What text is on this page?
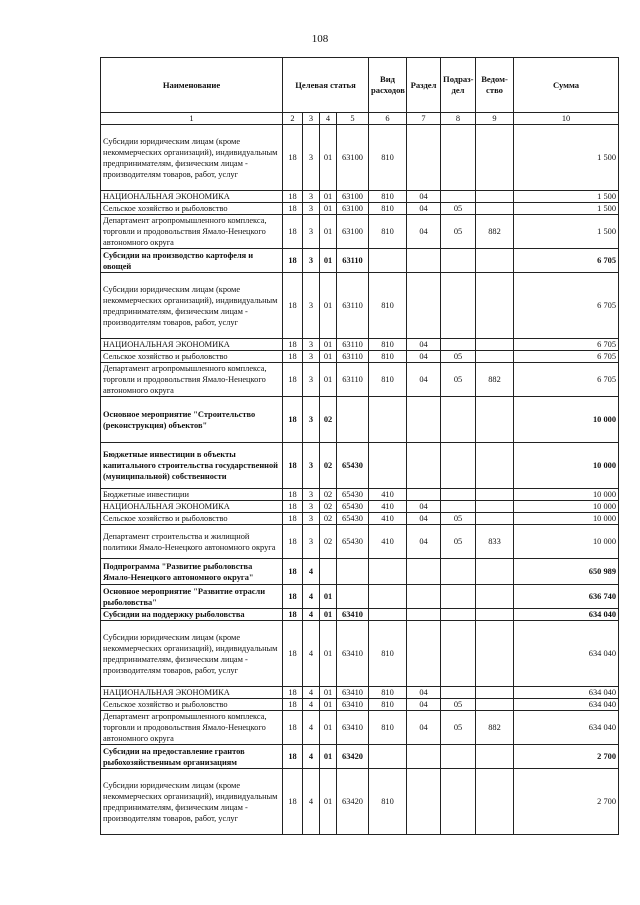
108
Наименование	Целевая статья				Вид расходов	Раздел	Подраз-дел	Ведом-ство	Сумма
1	2	3	4	5	6	7	8	9	10
Субсидии юридическим лицам (кроме некоммерческих организаций), индивидуальным предпринимателям, физическим лицам - производителям товаров, работ, услуг	18	3	01	63100	810				1 500
НАЦИОНАЛЬНАЯ ЭКОНОМИКА	18	3	01	63100	810	04			1 500
Сельское хозяйство и рыболовство	18	3	01	63100	810	04	05		1 500
Департамент агропромышленного комплекса, торговли и продовольствия Ямало-Ненецкого автономного округа	18	3	01	63100	810	04	05	882	1 500
Субсидии на производство картофеля и овощей	18	3	01	63110					6 705
Субсидии юридическим лицам (кроме некоммерческих организаций), индивидуальным предпринимателям, физическим лицам - производителям товаров, работ, услуг	18	3	01	63110	810				6 705
НАЦИОНАЛЬНАЯ ЭКОНОМИКА	18	3	01	63110	810	04			6 705
Сельское хозяйство и рыболовство	18	3	01	63110	810	04	05		6 705
Департамент агропромышленного комплекса, торговли и продовольствия Ямало-Ненецкого автономного округа	18	3	01	63110	810	04	05	882	6 705
Основное мероприятие "Строительство (реконструкция) объектов"	18	3	02						10 000
Бюджетные инвестиции в объекты капитального строительства государственной (муниципальной) собственности	18	3	02	65430					10 000
Бюджетные инвестиции	18	3	02	65430	410				10 000
НАЦИОНАЛЬНАЯ ЭКОНОМИКА	18	3	02	65430	410	04			10 000
Сельское хозяйство и рыболовство	18	3	02	65430	410	04	05		10 000
Департамент строительства и жилищной политики Ямало-Ненецкого автономного округа	18	3	02	65430	410	04	05	833	10 000
Подпрограмма "Развитие рыболовства Ямало-Ненецкого автономного округа"	18	4							650 989
Основное мероприятие "Развитие отрасли рыболовства"	18	4	01						636 740
Субсидии на поддержку рыболовства	18	4	01	63410					634 040
Субсидии юридическим лицам (кроме некоммерческих организаций), индивидуальным предпринимателям, физическим лицам - производителям товаров, работ, услуг	18	4	01	63410	810				634 040
НАЦИОНАЛЬНАЯ ЭКОНОМИКА	18	4	01	63410	810	04			634 040
Сельское хозяйство и рыболовство	18	4	01	63410	810	04	05		634 040
Департамент агропромышленного комплекса, торговли и продовольствия Ямало-Ненецкого автономного округа	18	4	01	63410	810	04	05	882	634 040
Субсидии на предоставление грантов рыбохозяйственным организациям	18	4	01	63420					2 700
Субсидии юридическим лицам (кроме некоммерческих организаций), индивидуальным предпринимателям, физическим лицам - производителям товаров, работ, услуг	18	4	01	63420	810				2 700
